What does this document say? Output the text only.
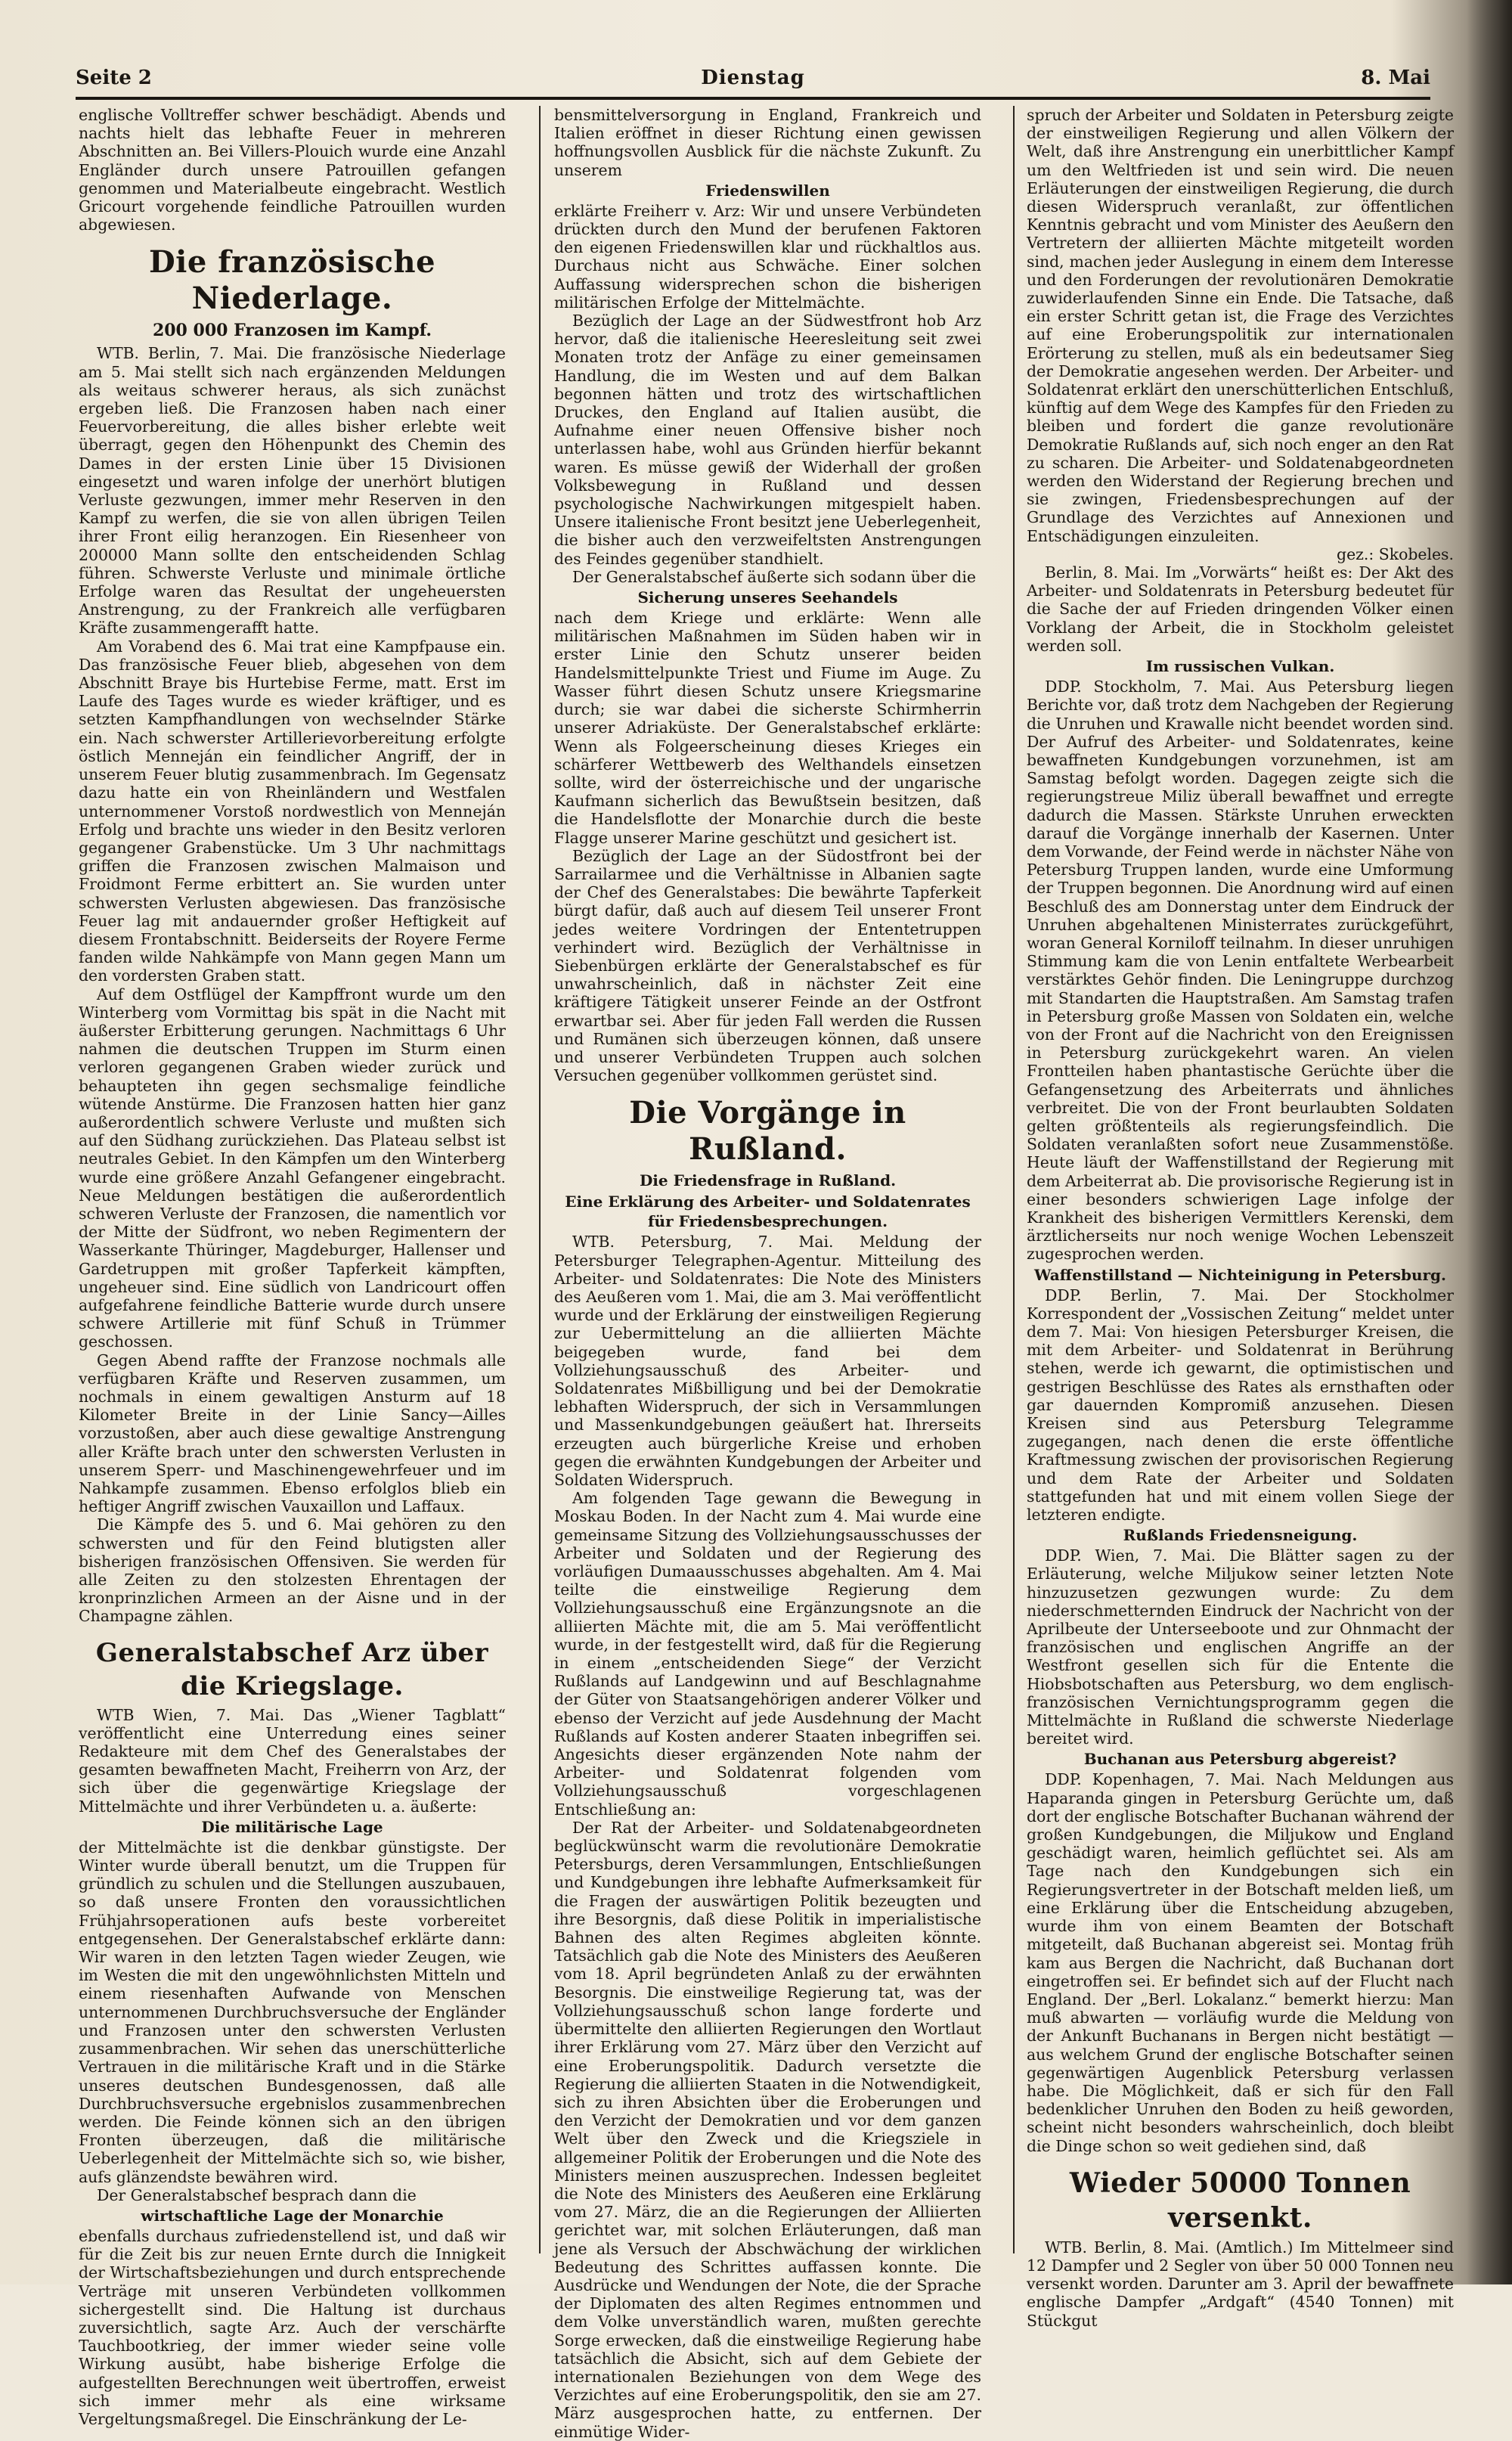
Seite 2	Dienstag	8. Mai

englische Volltreffer schwer beschädigt. Abends und nachts hielt das lebhafte Feuer in mehreren Abschnitten an. Bei Villers-Plouich wurde eine Anzahl Engländer durch unsere Patrouillen gefangen genommen und Materialbeute eingebracht. Westlich Gricourt vorgehende feindliche Patrouillen wurden abgewiesen.

Die französische Niederlage.
200 000 Franzosen im Kampf.

WTB. Berlin, 7. Mai. Die französische Niederlage am 5. Mai stellt sich nach ergänzenden Meldungen als weitaus schwerer heraus, als sich zunächst ergeben ließ. Die Franzosen haben nach einer Feuervorbereitung, die alles bisher erlebte weit überragt, gegen den Höhenpunkt des Chemin des Dames in der ersten Linie über 15 Divisionen eingesetzt und waren infolge der unerhört blutigen Verluste gezwungen, immer mehr Reserven in den Kampf zu werfen, die sie von allen übrigen Teilen ihrer Front eilig heranzogen. Ein Riesenheer von 200000 Mann sollte den entscheidenden Schlag führen. Schwerste Verluste und minimale örtliche Erfolge waren das Resultat der ungeheuersten Anstrengung, zu der Frankreich alle verfügbaren Kräfte zusammengerafft hatte.

Am Vorabend des 6. Mai trat eine Kampfpause ein. Das französische Feuer blieb, abgesehen von dem Abschnitt Braye bis Hurtebise Ferme, matt. Erst im Laufe des Tages wurde es wieder kräftiger, und es setzten Kampfhandlungen von wechselnder Stärke ein. Nach schwerster Artillerievorbereitung erfolgte östlich Menneján ein feindlicher Angriff, der in unserem Feuer blutig zusammenbrach. Im Gegensatz dazu hatte ein von Rheinländern und Westfalen unternommener Vorstoß nordwestlich von Menneján Erfolg und brachte uns wieder in den Besitz verloren gegangener Grabenstücke. Um 3 Uhr nachmittags griffen die Franzosen zwischen Malmaison und Froidmont Ferme erbittert an. Sie wurden unter schwersten Verlusten abgewiesen. Das französische Feuer lag mit andauernder großer Heftigkeit auf diesem Frontabschnitt. Beiderseits der Royere Ferme fanden wilde Nahkämpfe von Mann gegen Mann um den vordersten Graben statt.

Auf dem Ostflügel der Kampffront wurde um den Winterberg vom Vormittag bis spät in die Nacht mit äußerster Erbitterung gerungen. Nachmittags 6 Uhr nahmen die deutschen Truppen im Sturm einen verloren gegangenen Graben wieder zurück und behaupteten ihn gegen sechsmalige feindliche wütende Anstürme. Die Franzosen hatten hier ganz außerordentlich schwere Verluste und mußten sich auf den Südhang zurückziehen. Das Plateau selbst ist neutrales Gebiet. In den Kämpfen um den Winterberg wurde eine größere Anzahl Gefangener eingebracht. Neue Meldungen bestätigen die außerordentlich schweren Verluste der Franzosen, die namentlich vor der Mitte der Südfront, wo neben Regimentern der Wasserkante Thüringer, Magdeburger, Hallenser und Gardetruppen mit großer Tapferkeit kämpften, ungeheuer sind. Eine südlich von Landricourt offen aufgefahrene feindliche Batterie wurde durch unsere schwere Artillerie mit fünf Schuß in Trümmer geschossen.

Gegen Abend raffte der Franzose nochmals alle verfügbaren Kräfte und Reserven zusammen, um nochmals in einem gewaltigen Ansturm auf 18 Kilometer Breite in der Linie Sancy—Ailles vorzustoßen, aber auch diese gewaltige Anstrengung aller Kräfte brach unter den schwersten Verlusten in unserem Sperr- und Maschinengewehrfeuer und im Nahkampfe zusammen. Ebenso erfolglos blieb ein heftiger Angriff zwischen Vauxaillon und Laffaux.

Die Kämpfe des 5. und 6. Mai gehören zu den schwersten und für den Feind blutigsten aller bisherigen französischen Offensiven. Sie werden für alle Zeiten zu den stolzesten Ehrentagen der kronprinzlichen Armeen an der Aisne und in der Champagne zählen.

Generalstabschef Arz über die Kriegslage.

WTB Wien, 7. Mai. Das „Wiener Tagblatt“ veröffentlicht eine Unterredung eines seiner Redakteure mit dem Chef des Generalstabes der gesamten bewaffneten Macht, Freiherrn von Arz, der sich über die gegenwärtige Kriegslage der Mittelmächte und ihrer Verbündeten u. a. äußerte:

Die militärische Lage

der Mittelmächte ist die denkbar günstigste. Der Winter wurde überall benutzt, um die Truppen für gründlich zu schulen und die Stellungen auszubauen, so daß unsere Fronten den voraussichtlichen Frühjahrsoperationen aufs beste vorbereitet entgegensehen. Der Generalstabschef erklärte dann: Wir waren in den letzten Tagen wieder Zeugen, wie im Westen die mit den ungewöhnlichsten Mitteln und einem riesenhaften Aufwande von Menschen unternommenen Durchbruchsversuche der Engländer und Franzosen unter den schwersten Verlusten zusammenbrachen. Wir sehen das unerschütterliche Vertrauen in die militärische Kraft und in die Stärke unseres deutschen Bundesgenossen, daß alle Durchbruchsversuche ergebnislos zusammenbrechen werden. Die Feinde können sich an den übrigen Fronten überzeugen, daß die militärische Ueberlegenheit der Mittelmächte sich so, wie bisher, aufs glänzendste bewähren wird.

Der Generalstabschef besprach dann die

wirtschaftliche Lage der Monarchie

ebenfalls durchaus zufriedenstellend ist, und daß wir für die Zeit bis zur neuen Ernte durch die Innigkeit der Wirtschaftsbeziehungen und durch entsprechende Verträge mit unseren Verbündeten vollkommen sichergestellt sind. Die Haltung ist durchaus zuversichtlich, sagte Arz. Auch der verschärfte Tauchbootkrieg, der immer wieder seine volle Wirkung ausübt, habe bisherige Erfolge die aufgestellten Berechnungen weit übertroffen, erweist sich immer mehr als eine wirksame Vergeltungsmaßregel. Die Einschränkung der Le-

bensmittelversorgung in England, Frankreich und Italien eröffnet in dieser Richtung einen gewissen hoffnungsvollen Ausblick für die nächste Zukunft. Zu unserem

Friedenswillen

erklärte Freiherr v. Arz: Wir und unsere Verbündeten drückten durch den Mund der berufenen Faktoren den eigenen Friedenswillen klar und rückhaltlos aus. Durchaus nicht aus Schwäche. Einer solchen Auffassung widersprechen schon die bisherigen militärischen Erfolge der Mittelmächte.

Bezüglich der Lage an der Südwestfront hob Arz hervor, daß die italienische Heeresleitung seit zwei Monaten trotz der Anfäge zu einer gemeinsamen Handlung, die im Westen und auf dem Balkan begonnen hätten und trotz des wirtschaftlichen Druckes, den England auf Italien ausübt, die Aufnahme einer neuen Offensive bisher noch unterlassen habe, wohl aus Gründen hierfür bekannt waren. Es müsse gewiß der Widerhall der großen Volksbewegung in Rußland und dessen psychologische Nachwirkungen mitgespielt haben. Unsere italienische Front besitzt jene Ueberlegenheit, die bisher auch den verzweifeltsten Anstrengungen des Feindes gegenüber standhielt.

Der Generalstabschef äußerte sich sodann über die

Sicherung unseres Seehandels

nach dem Kriege und erklärte: Wenn alle militärischen Maßnahmen im Süden haben wir in erster Linie den Schutz unserer beiden Handelsmittelpunkte Triest und Fiume im Auge. Zu Wasser führt diesen Schutz unsere Kriegsmarine durch; sie war dabei die sicherste Schirmherrin unserer Adriaküste. Der Generalstabschef erklärte: Wenn als Folgeerscheinung dieses Krieges ein schärferer Wettbewerb des Welthandels einsetzen sollte, wird der österreichische und der ungarische Kaufmann sicherlich das Bewußtsein besitzen, daß die Handelsflotte der Monarchie durch die beste Flagge unserer Marine geschützt und gesichert ist.

Bezüglich der Lage an der Südostfront bei der Sarrailarmee und die Verhältnisse in Albanien sagte der Chef des Generalstabes: Die bewährte Tapferkeit bürgt dafür, daß auch auf diesem Teil unserer Front jedes weitere Vordringen der Ententetruppen verhindert wird. Bezüglich der Verhältnisse in Siebenbürgen erklärte der Generalstabschef es für unwahrscheinlich, daß in nächster Zeit eine kräftigere Tätigkeit unserer Feinde an der Ostfront erwartbar sei. Aber für jeden Fall werden die Russen und Rumänen sich überzeugen können, daß unsere und unserer Verbündeten Truppen auch solchen Versuchen gegenüber vollkommen gerüstet sind.

Die Vorgänge in Rußland.
Die Friedensfrage in Rußland.
Eine Erklärung des Arbeiter- und Soldatenrates für Friedensbesprechungen.

WTB. Petersburg, 7. Mai. Meldung der Petersburger Telegraphen-Agentur. Mitteilung des Arbeiter- und Soldatenrates: Die Note des Ministers des Aeußeren vom 1. Mai, die am 3. Mai veröffentlicht wurde und der Erklärung der einstweiligen Regierung zur Uebermittelung an die alliierten Mächte beigegeben wurde, fand bei dem Vollziehungsausschuß des Arbeiter- und Soldatenrates Mißbilligung und bei der Demokratie lebhaften Widerspruch, der sich in Versammlungen und Massenkundgebungen geäußert hat. Ihrerseits erzeugten auch bürgerliche Kreise und erhoben gegen die erwähnten Kundgebungen der Arbeiter und Soldaten Widerspruch.

Am folgenden Tage gewann die Bewegung in Moskau Boden. In der Nacht zum 4. Mai wurde eine gemeinsame Sitzung des Vollziehungsausschusses der Arbeiter und Soldaten und der Regierung des vorläufigen Dumaausschusses abgehalten. Am 4. Mai teilte die einstweilige Regierung dem Vollziehungsausschuß eine Ergänzungsnote an die alliierten Mächte mit, die am 5. Mai veröffentlicht wurde, in der festgestellt wird, daß für die Regierung in einem „entscheidenden Siege“ der Verzicht Rußlands auf Landgewinn und auf Beschlagnahme der Güter von Staatsangehörigen anderer Völker und ebenso der Verzicht auf jede Ausdehnung der Macht Rußlands auf Kosten anderer Staaten inbegriffen sei. Angesichts dieser ergänzenden Note nahm der Arbeiter- und Soldatenrat folgenden vom Vollziehungsausschuß vorgeschlagenen Entschließung an:

Der Rat der Arbeiter- und Soldatenabgeordneten beglückwünscht warm die revolutionäre Demokratie Petersburgs, deren Versammlungen, Entschließungen und Kundgebungen ihre lebhafte Aufmerksamkeit für die Fragen der auswärtigen Politik bezeugten und ihre Besorgnis, daß diese Politik in imperialistische Bahnen des alten Regimes abgleiten könnte. Tatsächlich gab die Note des Ministers des Aeußeren vom 18. April begründeten Anlaß zu der erwähnten Besorgnis. Die einstweilige Regierung tat, was der Vollziehungsausschuß schon lange forderte und übermittelte den alliierten Regierungen den Wortlaut ihrer Erklärung vom 27. März über den Verzicht auf eine Eroberungspolitik. Dadurch versetzte die Regierung die alliierten Staaten in die Notwendigkeit, sich zu ihren Absichten über die Eroberungen und den Verzicht der Demokratien und vor dem ganzen Welt über den Zweck und die Kriegsziele in allgemeiner Politik der Eroberungen und die Note des Ministers meinen auszusprechen. Indessen begleitet die Note des Ministers des Aeußeren eine Erklärung vom 27. März, die an die Regierungen der Alliierten gerichtet war, mit solchen Erläuterungen, daß man jene als Versuch der Abschwächung der wirklichen Bedeutung des Schrittes auffassen konnte. Die Ausdrücke und Wendungen der Note, die der Sprache der Diplomaten des alten Regimes entnommen und dem Volke unverständlich waren, mußten gerechte Sorge erwecken, daß die einstweilige Regierung habe tatsächlich die Absicht, sich auf dem Gebiete der internationalen Beziehungen von dem Wege des Verzichtes auf eine Eroberungspolitik, den sie am 27. März ausgesprochen hatte, zu entfernen. Der einmütige Wider-

spruch der Arbeiter und Soldaten in Petersburg zeigte der einstweiligen Regierung und allen Völkern der Welt, daß ihre Anstrengung ein unerbittlicher Kampf um den Weltfrieden ist und sein wird. Die neuen Erläuterungen der einstweiligen Regierung, die durch diesen Widerspruch veranlaßt, zur öffentlichen Kenntnis gebracht und vom Minister des Aeußern den Vertretern der alliierten Mächte mitgeteilt worden sind, machen jeder Auslegung in einem dem Interesse und den Forderungen der revolutionären Demokratie zuwiderlaufenden Sinne ein Ende. Die Tatsache, daß ein erster Schritt getan ist, die Frage des Verzichtes auf eine Eroberungspolitik zur internationalen Erörterung zu stellen, muß als ein bedeutsamer Sieg der Demokratie angesehen werden. Der Arbeiter- und Soldatenrat erklärt den unerschütterlichen Entschluß, künftig auf dem Wege des Kampfes für den Frieden zu bleiben und fordert die ganze revolutionäre Demokratie Rußlands auf, sich noch enger an den Rat zu scharen. Die Arbeiter- und Soldatenabgeordneten werden den Widerstand der Regierung brechen und sie zwingen, Friedensbesprechungen auf der Grundlage des Verzichtes auf Annexionen und Entschädigungen einzuleiten.

gez.: Skobeles.

Berlin, 8. Mai. Im „Vorwärts“ heißt es: Der Akt des Arbeiter- und Soldatenrats in Petersburg bedeutet für die Sache der auf Frieden dringenden Völker einen Vorklang der Arbeit, die in Stockholm geleistet werden soll.

Im russischen Vulkan.

DDP. Stockholm, 7. Mai. Aus Petersburg liegen Berichte vor, daß trotz dem Nachgeben der Regierung die Unruhen und Krawalle nicht beendet worden sind. Der Aufruf des Arbeiter- und Soldatenrates, keine bewaffneten Kundgebungen vorzunehmen, ist am Samstag befolgt worden. Dagegen zeigte sich die regierungstreue Miliz überall bewaffnet und erregte dadurch die Massen. Stärkste Unruhen erweckten darauf die Vorgänge innerhalb der Kasernen. Unter dem Vorwande, der Feind werde in nächster Nähe von Petersburg Truppen landen, wurde eine Umformung der Truppen begonnen. Die Anordnung wird auf einen Beschluß des am Donnerstag unter dem Eindruck der Unruhen abgehaltenen Ministerrates zurückgeführt, woran General Korniloff teilnahm. In dieser unruhigen Stimmung kam die von Lenin entfaltete Werbearbeit verstärktes Gehör finden. Die Leningruppe durchzog mit Standarten die Hauptstraßen. Am Samstag trafen in Petersburg große Massen von Soldaten ein, welche von der Front auf die Nachricht von den Ereignissen in Petersburg zurückgekehrt waren. An vielen Frontteilen haben phantastische Gerüchte über die Gefangensetzung des Arbeiterrats und ähnliches verbreitet. Die von der Front beurlaubten Soldaten gelten größtenteils als regierungsfeindlich. Die Soldaten veranlaßten sofort neue Zusammenstöße. Heute läuft der Waffenstillstand der Regierung mit dem Arbeiterrat ab. Die provisorische Regierung ist in einer besonders schwierigen Lage infolge der Krankheit des bisherigen Vermittlers Kerenski, dem ärztlicherseits nur noch wenige Wochen Lebenszeit zugesprochen werden.

Waffenstillstand — Nichteinigung in Petersburg.

DDP. Berlin, 7. Mai. Der Stockholmer Korrespondent der „Vossischen Zeitung“ meldet unter dem 7. Mai: Von hiesigen Petersburger Kreisen, die mit dem Arbeiter- und Soldatenrat in Berührung stehen, werde ich gewarnt, die optimistischen und gestrigen Beschlüsse des Rates als ernsthaften oder gar dauernden Kompromiß anzusehen. Diesen Kreisen sind aus Petersburg Telegramme zugegangen, nach denen die erste öffentliche Kraftmessung zwischen der provisorischen Regierung und dem Rate der Arbeiter und Soldaten stattgefunden hat und mit einem vollen Siege der letzteren endigte.

Rußlands Friedensneigung.

DDP. Wien, 7. Mai. Die Blätter sagen zu der Erläuterung, welche Miljukow seiner letzten Note hinzuzusetzen gezwungen wurde: Zu dem niederschmetternden Eindruck der Nachricht von der Aprilbeute der Unterseeboote und zur Ohnmacht der französischen und englischen Angriffe an der Westfront gesellen sich für die Entente die Hiobsbotschaften aus Petersburg, wo dem englisch-französischen Vernichtungsprogramm gegen die Mittelmächte in Rußland die schwerste Niederlage bereitet wird.

Buchanan aus Petersburg abgereist?

DDP. Kopenhagen, 7. Mai. Nach Meldungen aus Haparanda gingen in Petersburg Gerüchte um, daß dort der englische Botschafter Buchanan während der großen Kundgebungen, die Miljukow und England geschädigt waren, heimlich geflüchtet sei. Als am Tage nach den Kundgebungen sich ein Regierungsvertreter in der Botschaft melden ließ, um eine Erklärung über die Entscheidung abzugeben, wurde ihm von einem Beamten der Botschaft mitgeteilt, daß Buchanan abgereist sei. Montag früh kam aus Bergen die Nachricht, daß Buchanan dort eingetroffen sei. Er befindet sich auf der Flucht nach England. Der „Berl. Lokalanz.“ bemerkt hierzu: Man muß abwarten — vorläufig wurde die Meldung von der Ankunft Buchanans in Bergen nicht bestätigt — aus welchem Grund der englische Botschafter seinen gegenwärtigen Augenblick Petersburg verlassen habe. Die Möglichkeit, daß er sich für den Fall bedenklicher Unruhen den Boden zu heiß geworden, scheint nicht besonders wahrscheinlich, doch bleibt die Dinge schon so weit gediehen sind, daß

Wieder 50000 Tonnen versenkt.

WTB. Berlin, 8. Mai. (Amtlich.) Im Mittelmeer sind 12 Dampfer und 2 Segler von über 50 000 Tonnen neu versenkt worden. Darunter am 3. April der bewaffnete englische Dampfer „Ardgaft“ (4540 Tonnen) mit Stückgut
